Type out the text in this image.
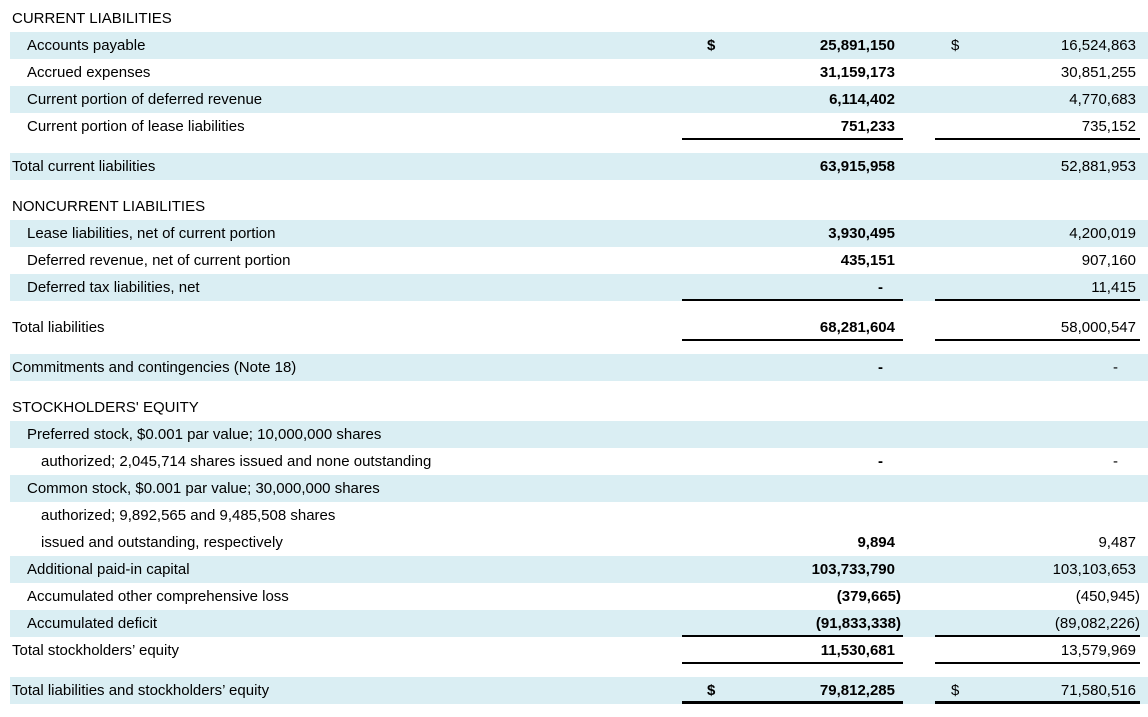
CURRENT LIABILITIES
Accounts payable	$	25,891,150	$	16,524,863
Accrued expenses	31,159,173	30,851,255
Current portion of deferred revenue	6,114,402	4,770,683
Current portion of lease liabilities	751,233	735,152
Total current liabilities	63,915,958	52,881,953
NONCURRENT LIABILITIES
Lease liabilities, net of current portion	3,930,495	4,200,019
Deferred revenue, net of current portion	435,151	907,160
Deferred tax liabilities, net	-	11,415
Total liabilities	68,281,604	58,000,547
Commitments and contingencies (Note 18)	-	-
STOCKHOLDERS' EQUITY
Preferred stock, $0.001 par value; 10,000,000 shares
authorized; 2,045,714 shares issued and none outstanding	-	-
Common stock, $0.001 par value; 30,000,000 shares
authorized; 9,892,565 and 9,485,508 shares
issued and outstanding, respectively	9,894	9,487
Additional paid-in capital	103,733,790	103,103,653
Accumulated other comprehensive loss	(379,665)	(450,945)
Accumulated deficit	(91,833,338)	(89,082,226)
Total stockholders’ equity	11,530,681	13,579,969
Total liabilities and stockholders’ equity	$	79,812,285	$	71,580,516
